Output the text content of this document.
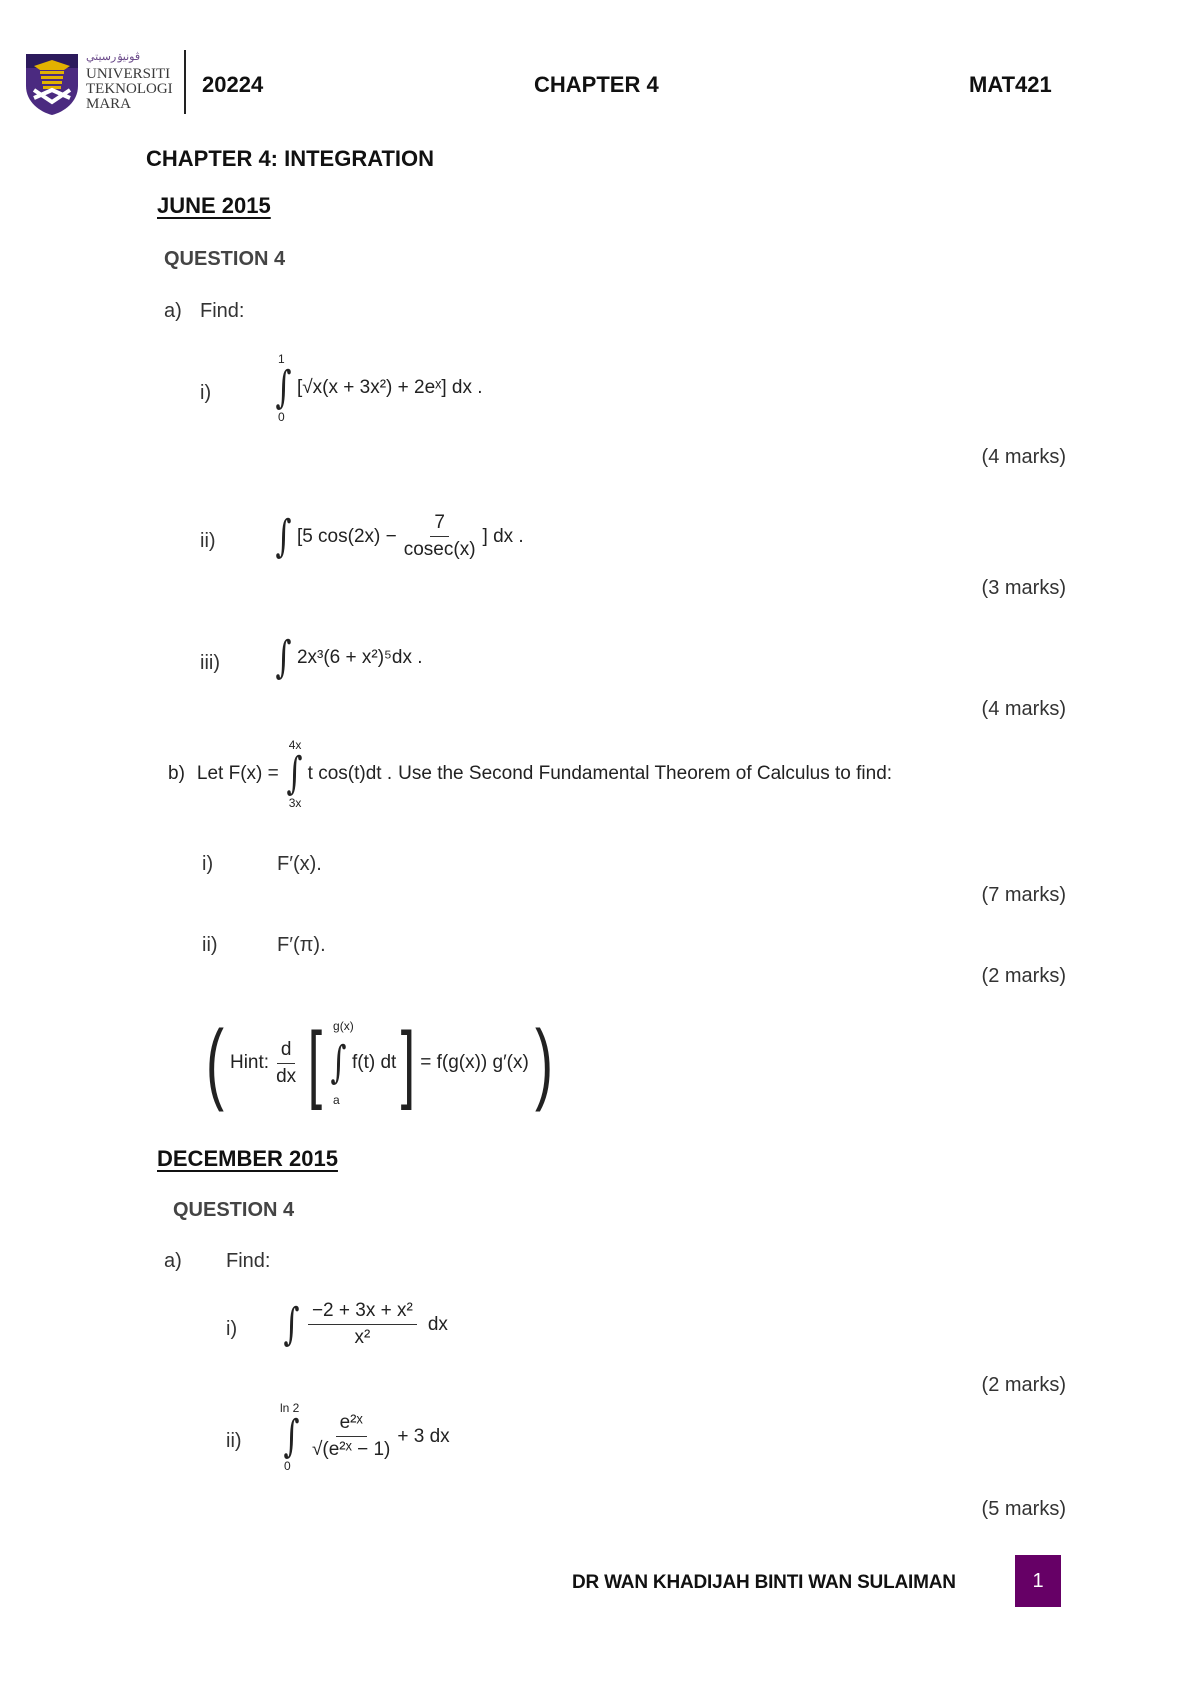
ڤونيۏرسيتي
UNIVERSITI
TEKNOLOGI
MARA
20224	CHAPTER 4	MAT421
CHAPTER 4: INTEGRATION
JUNE 2015
QUESTION 4
a) Find:
i) ∫
1
0
[√x(x + 3x²) + 2eˣ] dx .
(4 marks)
ii) ∫ [5 $\cos(2x) - \frac{7}{cosec(x)}$ ] dx .
(3 marks)
iii) ∫ 2x³(6 + x²)⁵dx .
(4 marks)
b) Let F(x) = ∫
4x
3x
t cos(t)dt . Use the Second Fundamental Theorem of Calculus to find:
i)	F′(x).
(7 marks)
ii)	F′(π).
(2 marks)
( Hint: $\frac{d}{dx}$ [ ∫
g(x)
a
f(t) dt ] = f(g(x)) g′(x) )
DECEMBER 2015
QUESTION 4
a) Find:
i) ∫ $\frac{\text{−2 + 3x + x²}}{\text{x²}}$ dx
(2 marks)
ii) ∫
ln 2
0
$\frac{\text{e²ˣ}}{\text{√(e²ˣ − 1)}} + 3$ dx
(5 marks)
DR WAN KHADIJAH BINTI WAN SULAIMAN	1
